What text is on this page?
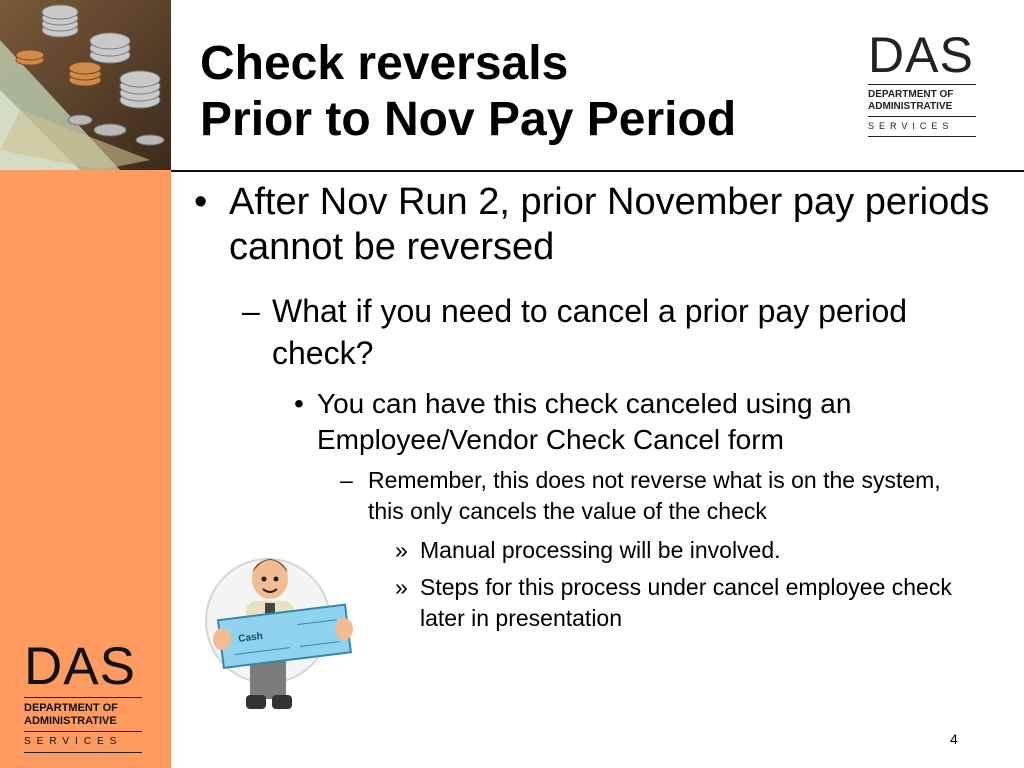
Check reversals
Prior to Nov Pay Period
DAS
DEPARTMENT OF
ADMINISTRATIVE
SERVICES
• After Nov Run 2, prior November pay periods cannot be reversed
– What if you need to cancel a prior pay period check?
• You can have this check canceled using an Employee/Vendor Check Cancel form
– Remember, this does not reverse what is on the system, this only cancels the value of the check
» Manual processing will be involved.
» Steps for this process under cancel employee check later in presentation
Cash
DAS
DEPARTMENT OF
ADMINISTRATIVE
SERVICES	4
